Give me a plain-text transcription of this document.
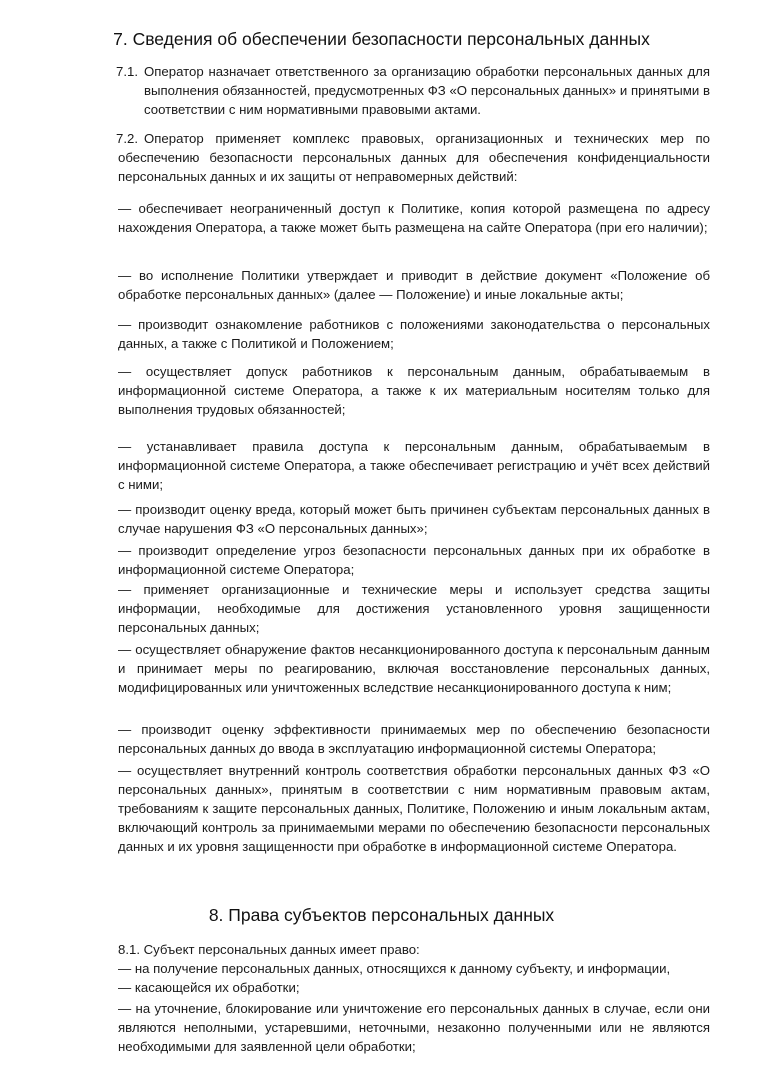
7. Сведения об обеспечении безопасности персональных данных
7.1. Оператор назначает ответственного за организацию обработки персональных данных для выполнения обязанностей, предусмотренных ФЗ «О персональных данных» и принятыми в соответствии с ним нормативными правовыми актами.
7.2. Оператор применяет комплекс правовых, организационных и технических мер по
обеспечению безопасности персональных данных для обеспечения конфиденциальности персональных данных и их защиты от неправомерных действий:
— обеспечивает неограниченный доступ к Политике, копия которой размещена по адресу нахождения Оператора, а также может быть размещена на сайте Оператора (при его наличии);
— во исполнение Политики утверждает и приводит в действие документ «Положение об обработке персональных данных» (далее — Положение) и иные локальные акты;
— производит ознакомление работников с положениями законодательства о персональных данных, а также с Политикой и Положением;
— осуществляет допуск работников к персональным данным, обрабатываемым в информационной системе Оператора, а также к их материальным носителям только для выполнения трудовых обязанностей;
— устанавливает правила доступа к персональным данным, обрабатываемым в информационной системе Оператора, а также обеспечивает регистрацию и учёт всех действий с ними;
— производит оценку вреда, который может быть причинен субъектам персональных данных в случае нарушения ФЗ «О персональных данных»;
— производит определение угроз безопасности персональных данных при их обработке в информационной системе Оператора;
— применяет организационные и технические меры и использует средства защиты информации, необходимые для достижения установленного уровня защищенности персональных данных;
— осуществляет обнаружение фактов несанкционированного доступа к персональным данным и принимает меры по реагированию, включая восстановление персональных данных, модифицированных или уничтоженных вследствие несанкционированного доступа к ним;
— производит оценку эффективности принимаемых мер по обеспечению безопасности персональных данных до ввода в эксплуатацию информационной системы Оператора;
— осуществляет внутренний контроль соответствия обработки персональных данных ФЗ «О персональных данных», принятым в соответствии с ним нормативным правовым актам, требованиям к защите персональных данных, Политике, Положению и иным локальным актам, включающий контроль за принимаемыми мерами по обеспечению безопасности персональных данных и их уровня защищенности при обработке в информационной системе Оператора.
8. Права субъектов персональных данных
8.1. Субъект персональных данных имеет право:
— на получение персональных данных, относящихся к данному субъекту, и информации,
— касающейся их обработки;
— на уточнение, блокирование или уничтожение его персональных данных в случае, если они являются неполными, устаревшими, неточными, незаконно полученными или не являются необходимыми для заявленной цели обработки;
